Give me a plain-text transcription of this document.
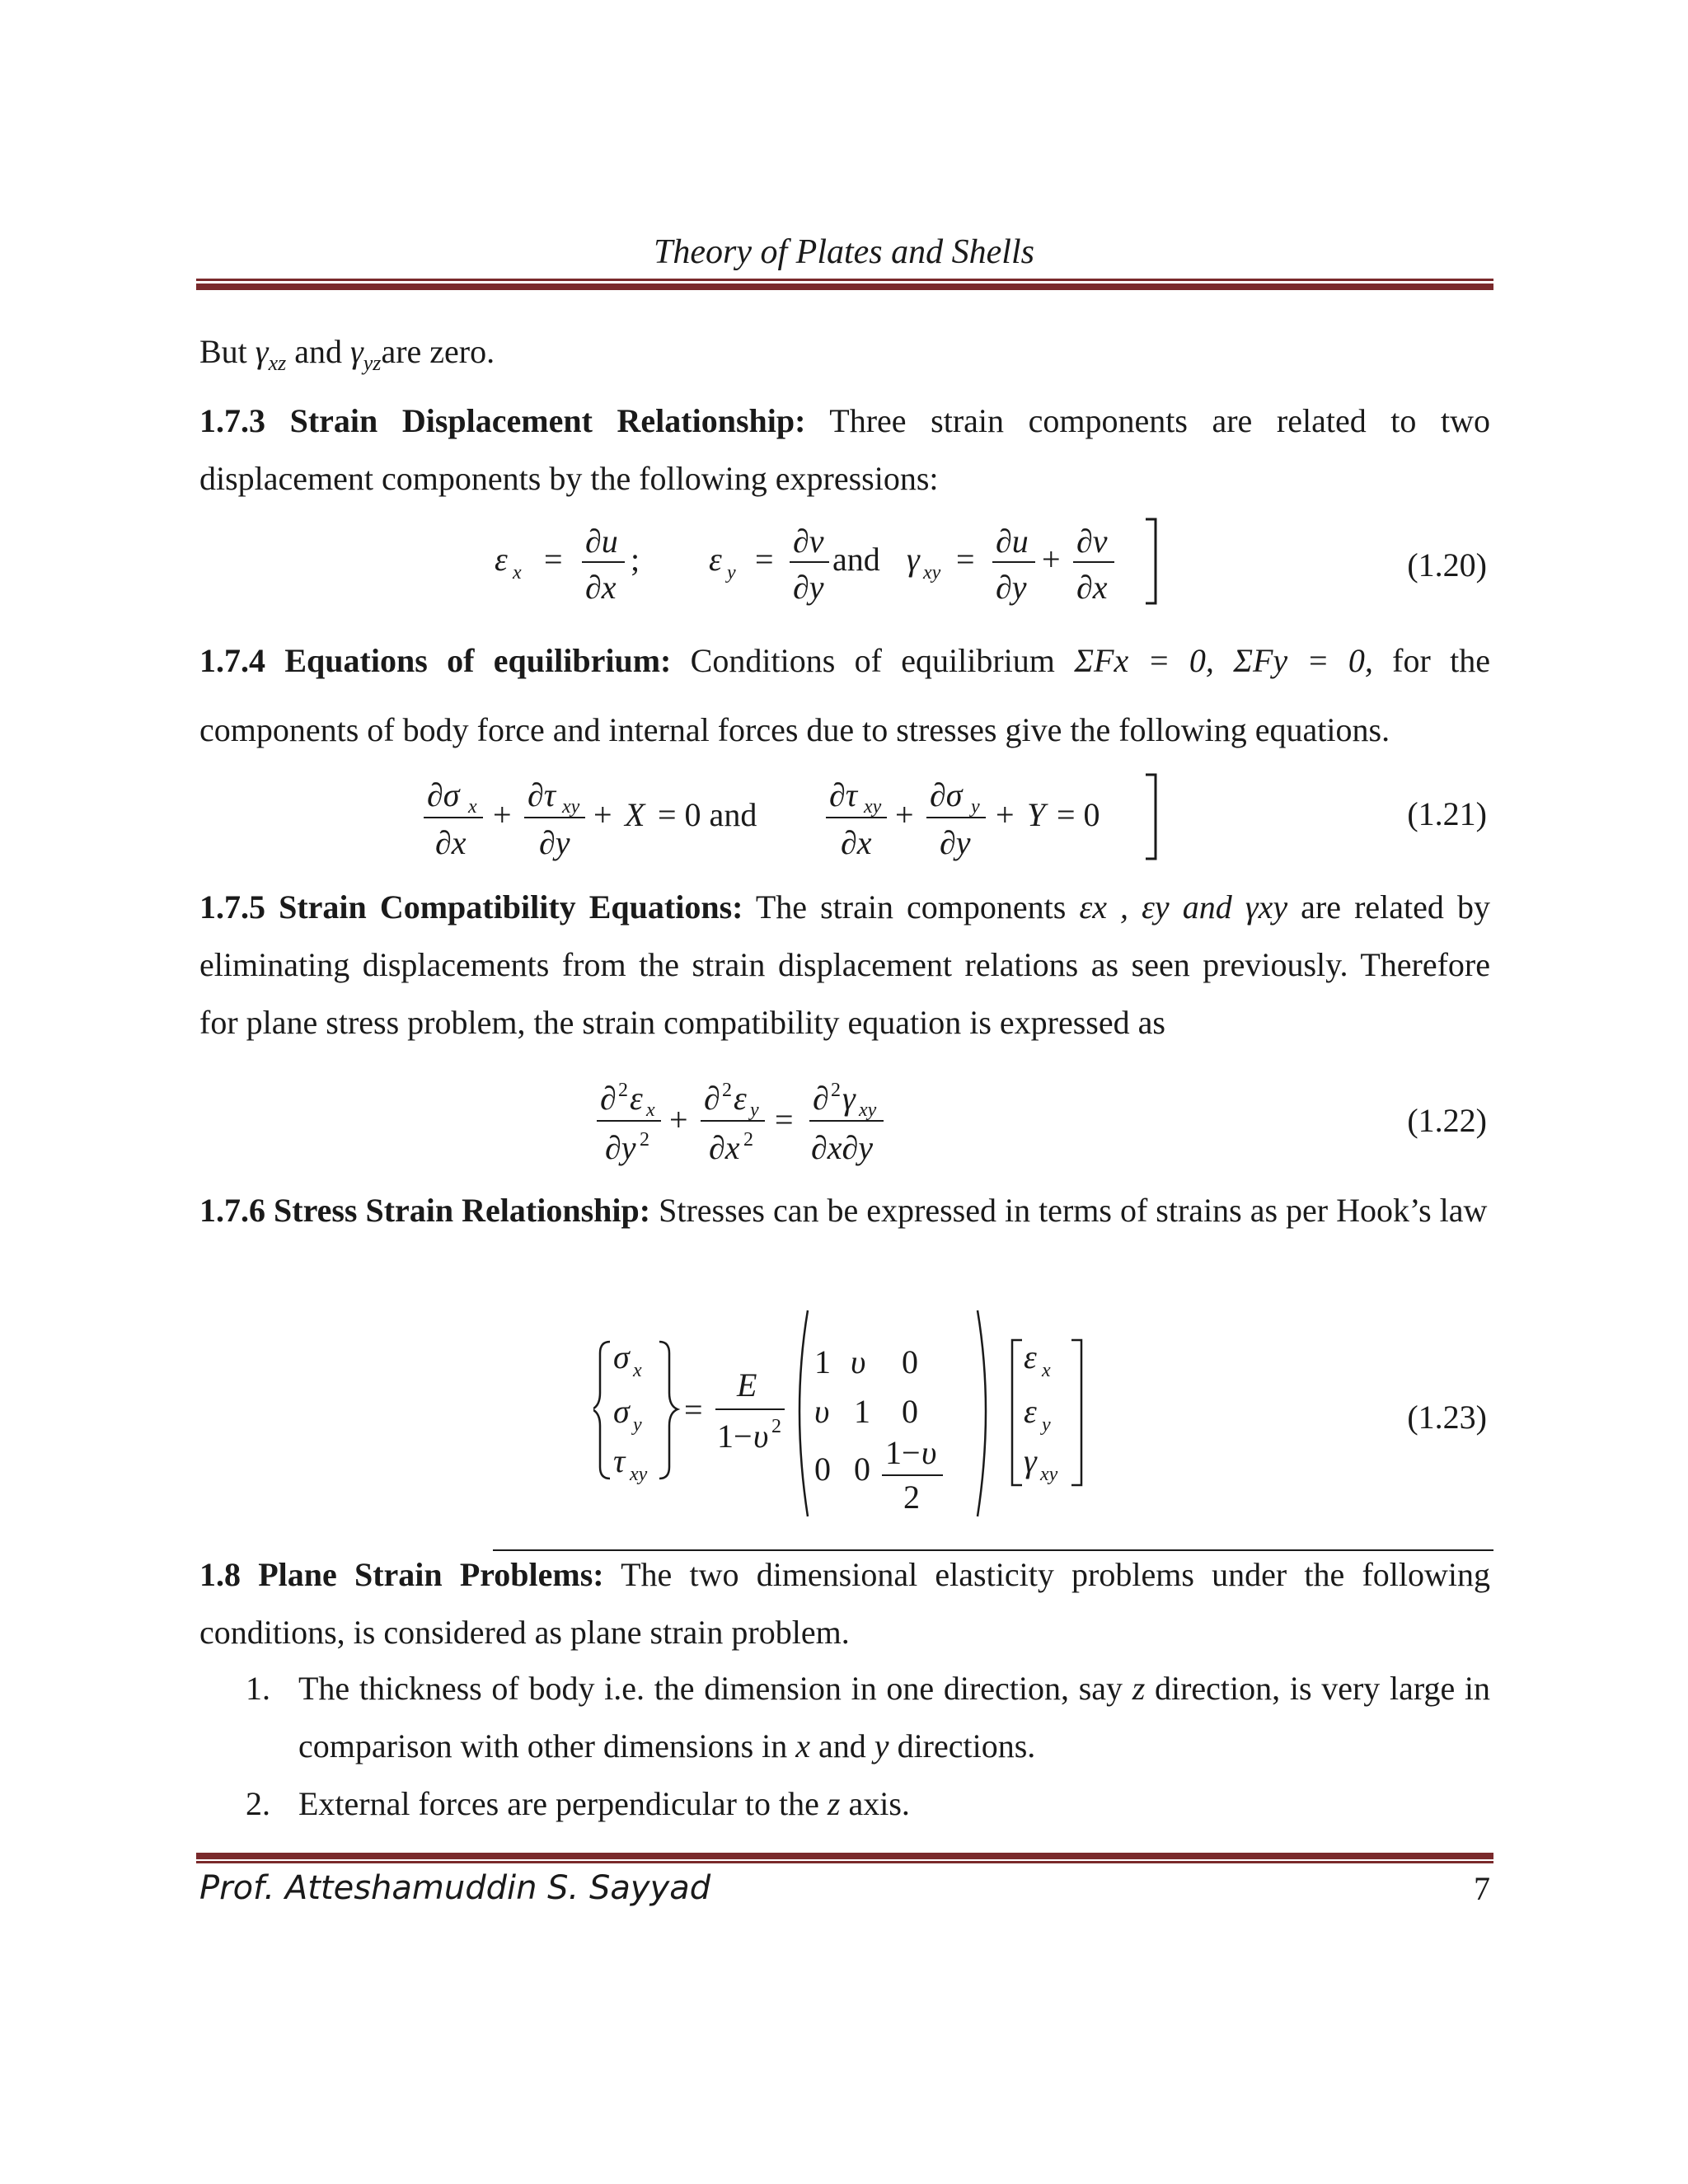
Theory of Plates and Shells
But $\gamma_{xz}$ and $\gamma_{yz}are$ zero.
1.7.3 Strain Displacement Relationship: Three strain components are related to two displacement components by the following expressions:
ε x = ∂u
∂x
; ε y = ∂v
∂y
and γ xy = ∂u
∂y
+ ∂v
∂x
(1.20)
1.7.4 Equations of equilibrium: Conditions of equilibrium ΣFx = 0, ΣFy = 0, for the components of body force and internal forces due to stresses give the following equations.
∂σ x
∂x
+
∂τ xy
∂y
+ X = 0 and
∂τ xy
∂x
+
∂σ y
∂y
+ Y = 0	(1.21)
1.7.5 Strain Compatibility Equations: The strain components εx , εy and γxy are related by eliminating displacements from the strain displacement relations as seen previously. Therefore for plane stress problem, the strain compatibility equation is expressed as
∂ 2 ε x
∂y 2
+
∂ 2 ε y
∂x 2
=
∂ 2 γ xy
∂x∂y
(1.22)
1.7.6 Stress Strain Relationship: Stresses can be expressed in terms of strains as per Hook’s law
σ x
σ y
τ xy
=
E
1− υ 2
1 υ 0
υ 1 0
0 0 1− υ
2
ε x
ε y
γ xy
(1.23)
1.8 Plane Strain Problems: The two dimensional elasticity problems under the following conditions, is considered as plane strain problem.
1. The thickness of body i.e. the dimension in one direction, say z direction, is very large in comparison with other dimensions in x and y directions.
2. External forces are perpendicular to the z axis.
Prof. Atteshamuddin S. Sayyad	7
